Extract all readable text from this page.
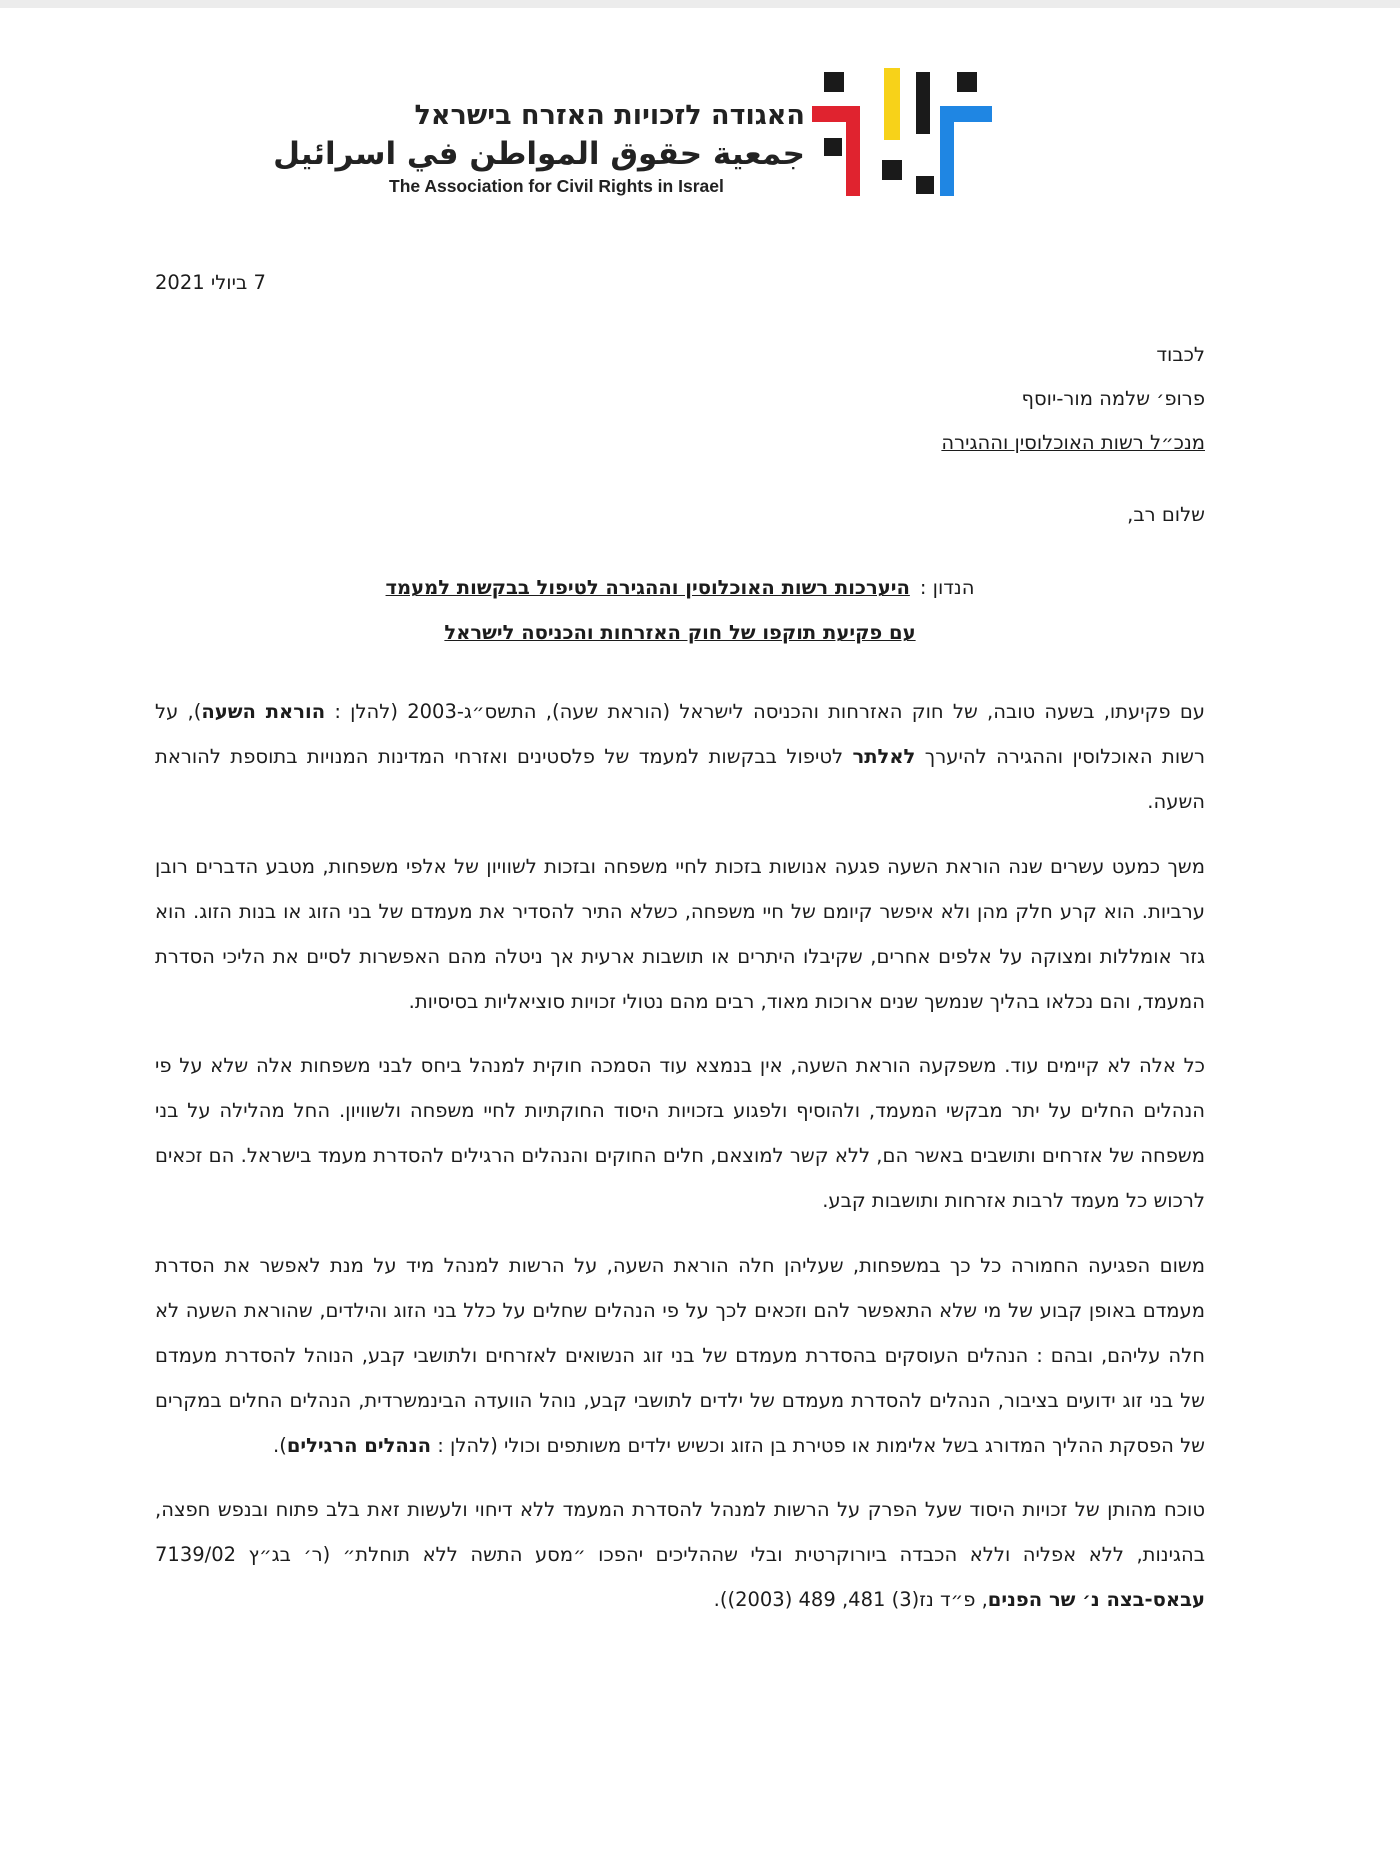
האגודה לזכויות האזרח בישראל
جمعية حقوق المواطن في اسرائيل
The Association for Civil Rights in Israel
7 ביולי 2021
לכבוד
פרופ׳ שלמה מור-יוסף
מנכ״ל רשות האוכלוסין וההגירה
שלום רב,
הנדון :
היערכות רשות האוכלוסין וההגירה לטיפול בבקשות למעמד
עם פקיעת תוקפו של חוק האזרחות והכניסה לישראל

עם פקיעתו, בשעה טובה, של חוק האזרחות והכניסה לישראל (הוראת שעה), התשס״ג-2003 (להלן : הוראת השעה), על רשות האוכלוסין וההגירה להיערך לאלתר לטיפול בבקשות למעמד של פלסטינים ואזרחי המדינות המנויות בתוספת להוראת השעה.

משך כמעט עשרים שנה הוראת השעה פגעה אנושות בזכות לחיי משפחה ובזכות לשוויון של אלפי משפחות, מטבע הדברים רובן ערביות. הוא קרע חלק מהן ולא איפשר קיומם של חיי משפחה, כשלא התיר להסדיר את מעמדם של בני הזוג או בנות הזוג. הוא גזר אומללות ומצוקה על אלפים אחרים, שקיבלו היתרים או תושבות ארעית אך ניטלה מהם האפשרות לסיים את הליכי הסדרת המעמד, והם נכלאו בהליך שנמשך שנים ארוכות מאוד, רבים מהם נטולי זכויות סוציאליות בסיסיות.

כל אלה לא קיימים עוד. משפקעה הוראת השעה, אין בנמצא עוד הסמכה חוקית למנהל ביחס לבני משפחות אלה שלא על פי הנהלים החלים על יתר מבקשי המעמד, ולהוסיף ולפגוע בזכויות היסוד החוקתיות לחיי משפחה ולשוויון. החל מהלילה על בני משפחה של אזרחים ותושבים באשר הם, ללא קשר למוצאם, חלים החוקים והנהלים הרגילים להסדרת מעמד בישראל. הם זכאים לרכוש כל מעמד לרבות אזרחות ותושבות קבע.

משום הפגיעה החמורה כל כך במשפחות, שעליהן חלה הוראת השעה, על הרשות למנהל מיד על מנת לאפשר את הסדרת מעמדם באופן קבוע של מי שלא התאפשר להם וזכאים לכך על פי הנהלים שחלים על כלל בני הזוג והילדים, שהוראת השעה לא חלה עליהם, ובהם : הנהלים העוסקים בהסדרת מעמדם של בני זוג הנשואים לאזרחים ולתושבי קבע, הנוהל להסדרת מעמדם של בני זוג ידועים בציבור, הנהלים להסדרת מעמדם של ילדים לתושבי קבע, נוהל הוועדה הבינמשרדית, הנהלים החלים במקרים של הפסקת ההליך המדורג בשל אלימות או פטירת בן הזוג וכשיש ילדים משותפים וכולי (להלן : הנהלים הרגילים).

טוכח מהותן של זכויות היסוד שעל הפרק על הרשות למנהל להסדרת המעמד ללא דיחוי ולעשות זאת בלב פתוח ובנפש חפצה, בהגינות, ללא אפליה וללא הכבדה ביורוקרטית ובלי שההליכים יהפכו ״מסע התשה ללא תוחלת״ (ר׳ בג״ץ 7139/02 עבאס-בצה נ׳ שר הפנים, פ״ד נז(3) 481, 489 (2003)).
